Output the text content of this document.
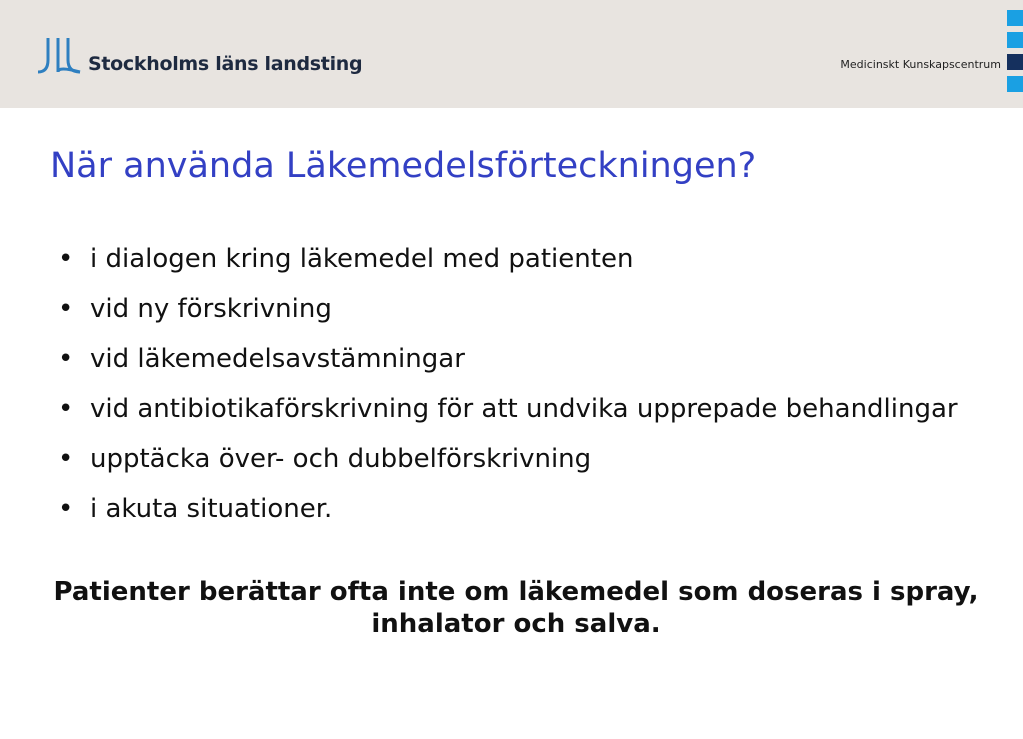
Stockholms läns landsting	Medicinskt Kunskapscentrum
När använda Läkemedelsförteckningen?
• i dialogen kring läkemedel med patienten
• vid ny förskrivning
• vid läkemedelsavstämningar
• vid antibiotikaförskrivning för att undvika upprepade behandlingar
• upptäcka över- och dubbelförskrivning
• i akuta situationer.
Patienter berättar ofta inte om läkemedel som doseras i spray, inhalator och salva.
